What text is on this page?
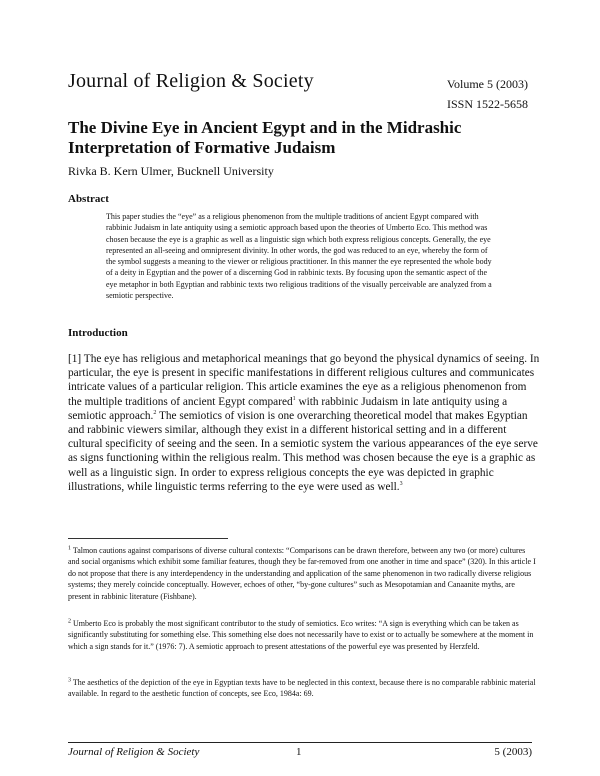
Journal of Religion & Society	Volume 5 (2003)
ISSN 1522-5658
The Divine Eye in Ancient Egypt and in the Midrashic Interpretation of Formative Judaism
Rivka B. Kern Ulmer, Bucknell University
Abstract
This paper studies the “eye” as a religious phenomenon from the multiple traditions of ancient Egypt compared with rabbinic Judaism in late antiquity using a semiotic approach based upon the theories of Umberto Eco. This method was chosen because the eye is a graphic as well as a linguistic sign which both express religious concepts. Generally, the eye represented an all-seeing and omnipresent divinity. In other words, the god was reduced to an eye, whereby the form of the symbol suggests a meaning to the viewer or religious practitioner. In this manner the eye represented the whole body of a deity in Egyptian and the power of a discerning God in rabbinic texts. By focusing upon the semantic aspect of the eye metaphor in both Egyptian and rabbinic texts two religious traditions of the visually perceivable are analyzed from a semiotic perspective.
Introduction
[1] The eye has religious and metaphorical meanings that go beyond the physical dynamics of seeing. In particular, the eye is present in specific manifestations in different religious cultures and communicates intricate values of a particular religion. This article examines the eye as a religious phenomenon from the multiple traditions of ancient Egypt compared$^1$ with rabbinic Judaism in late antiquity using a semiotic approach.$^2$ The semiotics of vision is one overarching theoretical model that makes Egyptian and rabbinic viewers similar, although they exist in a different historical setting and in a different cultural specificity of seeing and the seen. In a semiotic system the various appearances of the eye serve as signs functioning within the religious realm. This method was chosen because the eye is a graphic as well as a linguistic sign. In order to express religious concepts the eye was depicted in graphic illustrations, while linguistic terms referring to the eye were used as well.$^3$
$^1$ Talmon cautions against comparisons of diverse cultural contexts: “Comparisons can be drawn therefore, between any two (or more) cultures and social organisms which exhibit some familiar features, though they be far-removed from one another in time and space” (320). In this article I do not propose that there is any interdependency in the understanding and application of the same phenomenon in two radically diverse religious systems; they merely coincide conceptually. However, echoes of other, “by-gone cultures” such as Mesopotamian and Canaanite myths, are present in rabbinic literature (Fishbane).
$^2$ Umberto Eco is probably the most significant contributor to the study of semiotics. Eco writes: “A sign is everything which can be taken as significantly substituting for something else. This something else does not necessarily have to exist or to actually be somewhere at the moment in which a sign stands for it.” (1976: 7). A semiotic approach to present attestations of the powerful eye was presented by Herzfeld.
$^3$ The aesthetics of the depiction of the eye in Egyptian texts have to be neglected in this context, because there is no comparable rabbinic material available. In regard to the aesthetic function of concepts, see Eco, 1984a: 69.
Journal of Religion & Society	1	5 (2003)
